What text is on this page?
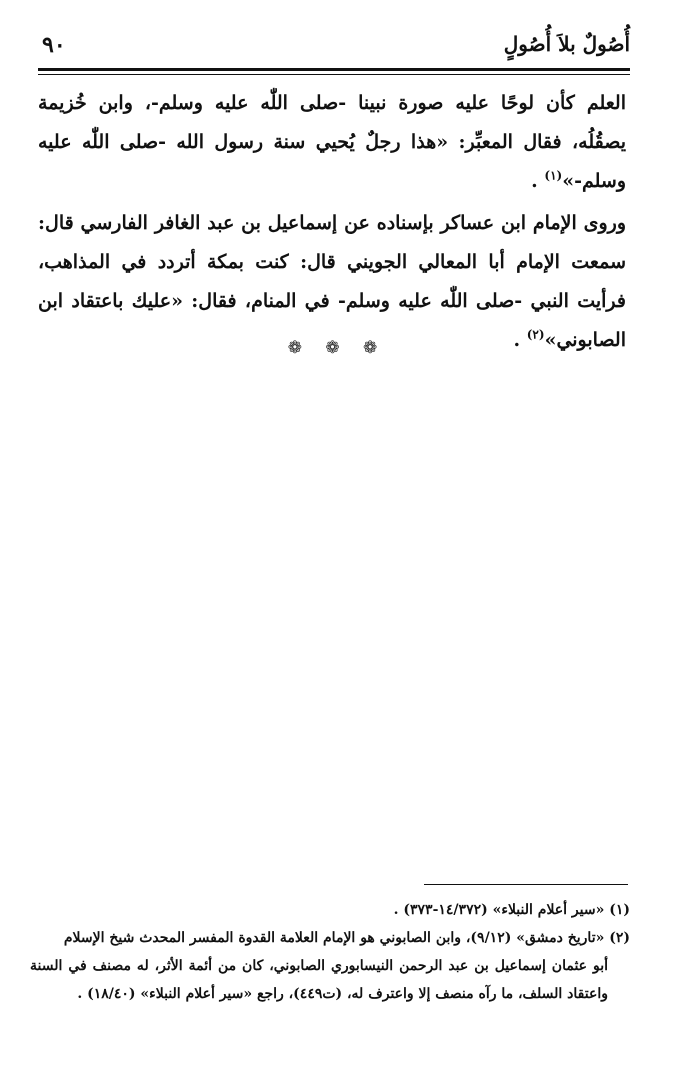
أُصُولٌ بلاَ أُصُولٍ
٩٠

العلم كأن لوحًا عليه صورة نبينا -صلى اللّٰه عليه وسلم-، وابن خُزيمة يصقُلُه، فقال المعبِّر: «هذا رجلٌ يُحيي سنة رسول الله -صلى اللّٰه عليه وسلم-»$^{(١)}$ .

وروى الإمام ابن عساكر بإسناده عن إسماعيل بن عبد الغافر الفارسي قال: سمعت الإمام أبا المعالي الجويني قال: كنت بمكة أتردد في المذاهب، فرأيت النبي -صلى اللّٰه عليه وسلم- في المنام، فقال: «عليك باعتقاد ابن الصابوني»$^{(٢)}$ .

❁ ❁ ❁

(١) «سير أعلام النبلاء» (١٤/٣٧٢-٣٧٣) .

(٢) «تاريخ دمشق» (٩/١٢)، وابن الصابوني هو الإمام العلامة القدوة المفسر المحدث شيخ الإسلام

أبو عثمان إسماعيل بن عبد الرحمن النيسابوري الصابوني، كان من أئمة الأثر، له مصنف في السنة واعتقاد السلف، ما رآه منصف إلا واعترف له، (ت٤٤٩)، راجع «سير أعلام النبلاء» (١٨/٤٠) .
